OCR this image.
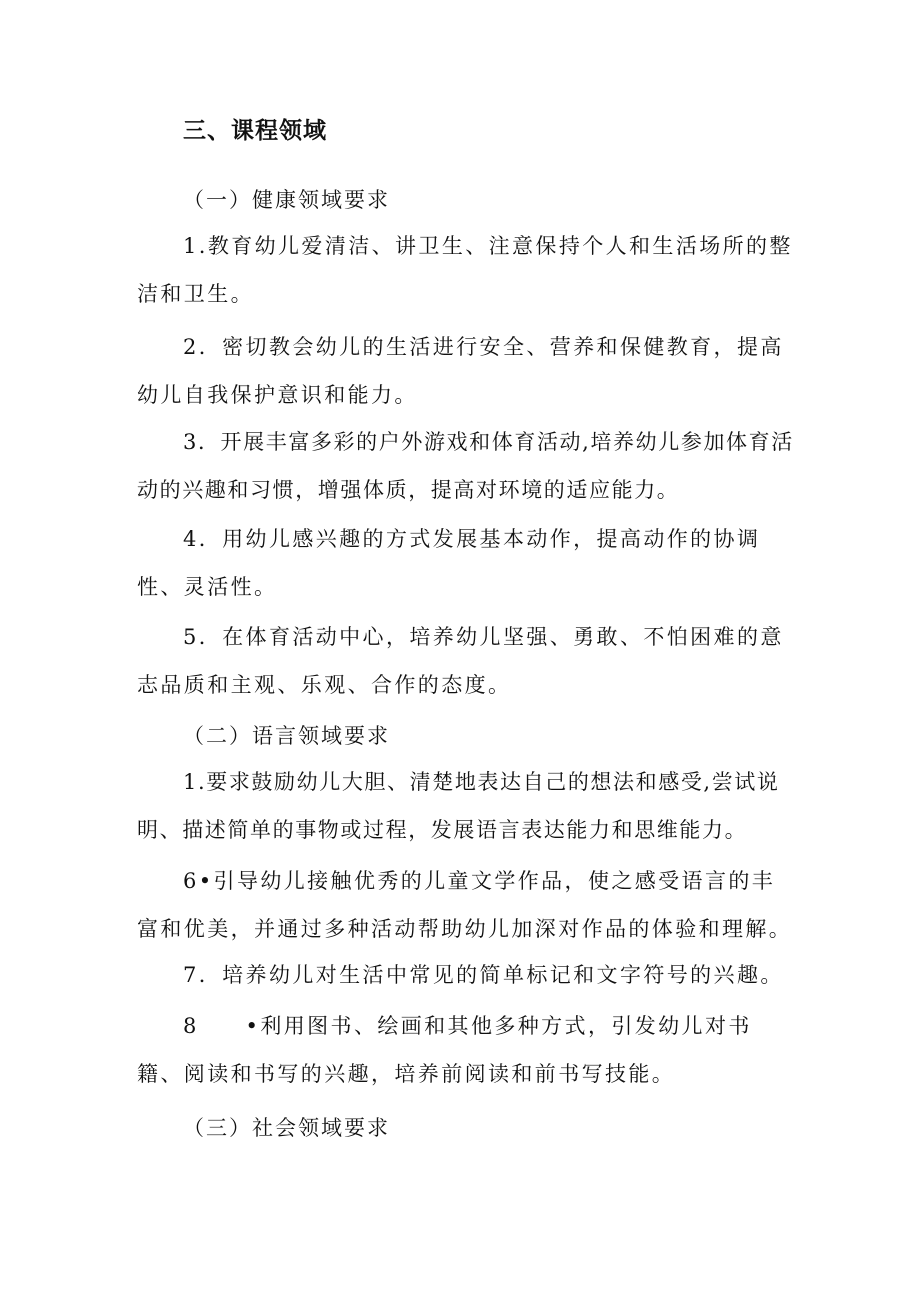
三、课程领域
（一）健康领域要求
1.教育幼儿爱清洁、讲卫生、注意保持个人和生活场所的整洁和卫生。
2．密切教会幼儿的生活进行安全、营养和保健教育，提高幼儿自我保护意识和能力。
3．开展丰富多彩的户外游戏和体育活动,培养幼儿参加体育活动的兴趣和习惯，增强体质，提高对环境的适应能力。
4．用幼儿感兴趣的方式发展基本动作，提高动作的协调性、灵活性。
5．在体育活动中心，培养幼儿坚强、勇敢、不怕困难的意志品质和主观、乐观、合作的态度。
（二）语言领域要求
1.要求鼓励幼儿大胆、清楚地表达自己的想法和感受,尝试说明、描述简单的事物或过程，发展语言表达能力和思维能力。
6•引导幼儿接触优秀的儿童文学作品，使之感受语言的丰富和优美，并通过多种活动帮助幼儿加深对作品的体验和理解。
7．培养幼儿对生活中常见的简单标记和文字符号的兴趣。
8　　•利用图书、绘画和其他多种方式，引发幼儿对书籍、阅读和书写的兴趣，培养前阅读和前书写技能。
（三）社会领域要求
